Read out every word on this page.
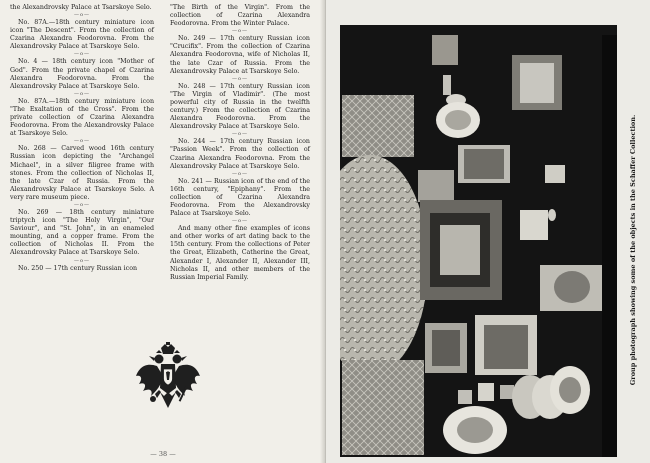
the Alexandrovsky Palace at Tsarskoye Selo.

—o—

No. 87A.—18th century miniature icon icon "The Descent". From the collection of Czarina Alexandra Feodorovna. From the Alexandrovsky Palace at Tsarskoye Selo.

—o—

No. 4 — 18th century icon "Mother of God". From the private chapel of Czarina Alexandra Feodorovna. From the Alexandrovsky Palace at Tsarskoye Selo.

—o—

No. 87A.—18th century miniature icon "The Exaltation of the Cross". From the private collection of Czarina Alexandra Feodorovna. From the Alexandrovsky Palace at Tsarskoye Selo.

—o—

No. 268 — Carved wood 16th century Russian icon depicting the "Archangel Michael", in a silver filigree frame with stones. From the collection of Nicholas II, the late Czar of Russia. From the Alexandrovsky Palace at Tsarskoye Selo. A very rare museum piece.

—o—

No. 269 — 18th century miniature triptych icon "The Holy Virgin", "Our Saviour", and "St. John", in an enameled mounting, and a copper frame. From the collection of Nicholas II. From the Alexandrovsky Palace at Tsarskoye Selo.

—o—

No. 250 — 17th century Russian icon

"The Birth of the Virgin". From the collection of Czarina Alexandra Feodorovna. From the Winter Palace.

—o—

No. 249 — 17th century Russian icon "Crucifix". From the collection of Czarina Alexandra Feodorovna, wife of Nicholas II, the late Czar of Russia. From the Alexandrovsky Palace at Tsarskoye Selo.

—o—

No. 248 — 17th century Russian icon "The Virgin of Vladimir". (The most powerful city of Russia in the twelfth century.) From the collection of Czarina Alexandra Feodorovna. From the Alexandrovsky Palace at Tsarskoye Selo.

—o—

No. 244 — 17th century Russian icon "Passion Week". From the collection of Czarina Alexandra Feodorovna. From the Alexandrovsky Palace at Tsarskoye Selo.

—o—

No. 241 — Russian icon of the end of the 16th century, "Epiphany". From the collection of Czarina Alexandra Feodorovna. From the Alexandrovsky Palace at Tsarskoye Selo.

—o—

And many other fine examples of icons and other works of art dating back to the 15th century. From the collections of Peter the Great, Elizabeth, Catherine the Great, Alexander I, Alexander II, Alexander III, Nicholas II, and other members of the Russian Imperial Family.

— 38 —
Group photograph showing some of the objects in the Schaffer Collection.
